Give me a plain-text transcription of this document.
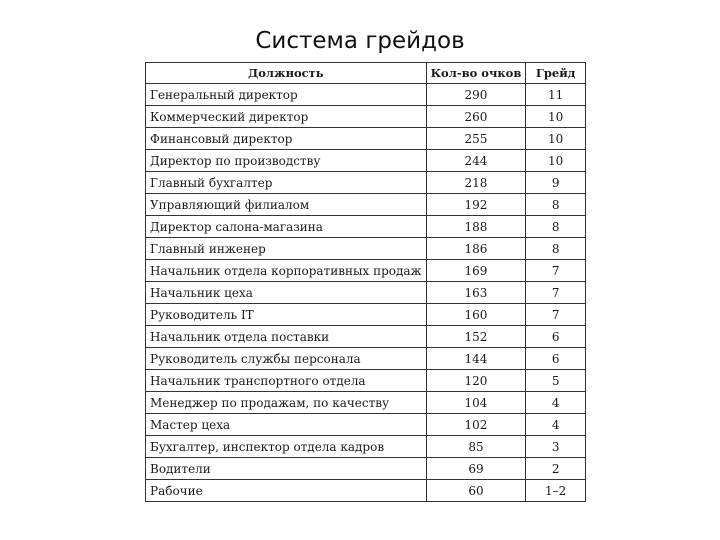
Система грейдов
Должность	Кол-во очков	Грейд
Генеральный директор	290	11
Коммерческий директор	260	10
Финансовый директор	255	10
Директор по производству	244	10
Главный бухгалтер	218	9
Управляющий филиалом	192	8
Директор салона-магазина	188	8
Главный инженер	186	8
Начальник отдела корпоративных продаж	169	7
Начальник цеха	163	7
Руководитель IT	160	7
Начальник отдела поставки	152	6
Руководитель службы персонала	144	6
Начальник транспортного отдела	120	5
Менеджер по продажам, по качеству	104	4
Мастер цеха	102	4
Бухгалтер, инспектор отдела кадров	85	3
Водители	69	2
Рабочие	60	1–2
